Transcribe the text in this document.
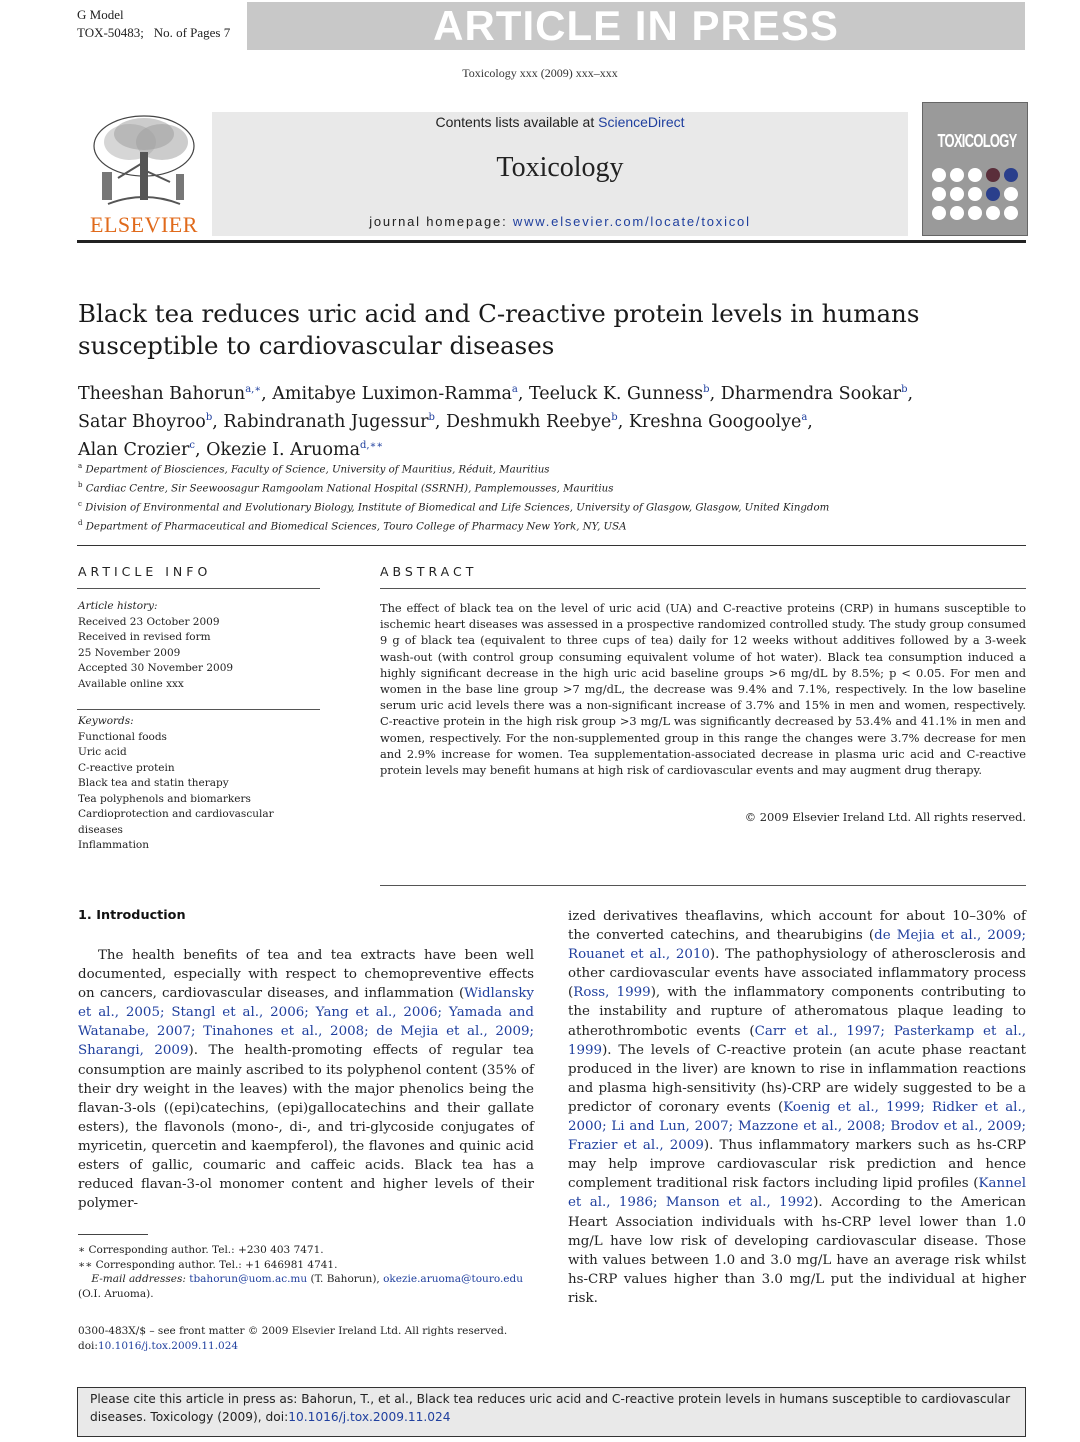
G Model
TOX-50483; No. of Pages 7	ARTICLE IN PRESS
Toxicology xxx (2009) xxx–xxx
ELSEVIER
Contents lists available at ScienceDirect
Toxicology
journal homepage: www.elsevier.com/locate/toxicol
TOXICOLOGY
Black tea reduces uric acid and C-reactive protein levels in humans susceptible to cardiovascular diseases
Theeshan Bahorun$^{a,∗}$, Amitabye Luximon-Ramma$^a$, Teeluck K. Gunness$^b$, Dharmendra Sookar$^b$,
Satar Bhoyroo$^b$, Rabindranath Jugessur$^b$, Deshmukh Reebye$^b$, Kreshna Googoolye$^a$,
Alan Crozier$^c$, Okezie I. Aruoma$^{d,∗∗}$
$^a$ Department of Biosciences, Faculty of Science, University of Mauritius, Réduit, Mauritius
$^b$ Cardiac Centre, Sir Seewoosagur Ramgoolam National Hospital (SSRNH), Pamplemousses, Mauritius
$^c$ Division of Environmental and Evolutionary Biology, Institute of Biomedical and Life Sciences, University of Glasgow, Glasgow, United Kingdom
$^d$ Department of Pharmaceutical and Biomedical Sciences, Touro College of Pharmacy New York, NY, USA
ARTICLE INFO
Article history:
Received 23 October 2009
Received in revised form
25 November 2009
Accepted 30 November 2009
Available online xxx
Keywords:
Functional foods
Uric acid
C-reactive protein
Black tea and statin therapy
Tea polyphenols and biomarkers
Cardioprotection and cardiovascular diseases
Inflammation
ABSTRACT
The effect of black tea on the level of uric acid (UA) and C-reactive proteins (CRP) in humans susceptible to ischemic heart diseases was assessed in a prospective randomized controlled study. The study group consumed 9 g of black tea (equivalent to three cups of tea) daily for 12 weeks without additives followed by a 3-week wash-out (with control group consuming equivalent volume of hot water). Black tea consumption induced a highly significant decrease in the high uric acid baseline groups >6 mg/dL by 8.5%; p < 0.05. For men and women in the base line group >7 mg/dL, the decrease was 9.4% and 7.1%, respectively. In the low baseline serum uric acid levels there was a non-significant increase of 3.7% and 15% in men and women, respectively. C-reactive protein in the high risk group >3 mg/L was significantly decreased by 53.4% and 41.1% in men and women, respectively. For the non-supplemented group in this range the changes were 3.7% decrease for men and 2.9% increase for women. Tea supplementation-associated decrease in plasma uric acid and C-reactive protein levels may benefit humans at high risk of cardiovascular events and may augment drug therapy.
© 2009 Elsevier Ireland Ltd. All rights reserved.
1. Introduction
The health benefits of tea and tea extracts have been well documented, especially with respect to chemopreventive effects on cancers, cardiovascular diseases, and inflammation (Widlansky et al., 2005; Stangl et al., 2006; Yang et al., 2006; Yamada and Watanabe, 2007; Tinahones et al., 2008; de Mejia et al., 2009; Sharangi, 2009). The health-promoting effects of regular tea consumption are mainly ascribed to its polyphenol content (35% of their dry weight in the leaves) with the major phenolics being the flavan-3-ols ((epi)catechins, (epi)gallocatechins and their gallate esters), the flavonols (mono-, di-, and tri-glycoside conjugates of myricetin, quercetin and kaempferol), the flavones and quinic acid esters of gallic, coumaric and caffeic acids. Black tea has a reduced flavan-3-ol monomer content and higher levels of their polymer-
ized derivatives theaflavins, which account for about 10–30% of the converted catechins, and thearubigins (de Mejia et al., 2009; Rouanet et al., 2010). The pathophysiology of atherosclerosis and other cardiovascular events have associated inflammatory process (Ross, 1999), with the inflammatory components contributing to the instability and rupture of atheromatous plaque leading to atherothrombotic events (Carr et al., 1997; Pasterkamp et al., 1999). The levels of C-reactive protein (an acute phase reactant produced in the liver) are known to rise in inflammation reactions and plasma high-sensitivity (hs)-CRP are widely suggested to be a predictor of coronary events (Koenig et al., 1999; Ridker et al., 2000; Li and Lun, 2007; Mazzone et al., 2008; Brodov et al., 2009; Frazier et al., 2009). Thus inflammatory markers such as hs-CRP may help improve cardiovascular risk prediction and hence complement traditional risk factors including lipid profiles (Kannel et al., 1986; Manson et al., 1992). According to the American Heart Association individuals with hs-CRP level lower than 1.0 mg/L have low risk of developing cardiovascular disease. Those with values between 1.0 and 3.0 mg/L have an average risk whilst hs-CRP values higher than 3.0 mg/L put the individual at higher risk.
∗ Corresponding author. Tel.: +230 403 7471.
∗∗ Corresponding author. Tel.: +1 646981 4741.
E-mail addresses: tbahorun@uom.ac.mu (T. Bahorun), okezie.aruoma@touro.edu
(O.I. Aruoma).
0300-483X/$ – see front matter © 2009 Elsevier Ireland Ltd. All rights reserved.
doi:10.1016/j.tox.2009.11.024
Please cite this article in press as: Bahorun, T., et al., Black tea reduces uric acid and C-reactive protein levels in humans susceptible to cardiovascular diseases. Toxicology (2009), doi:10.1016/j.tox.2009.11.024
